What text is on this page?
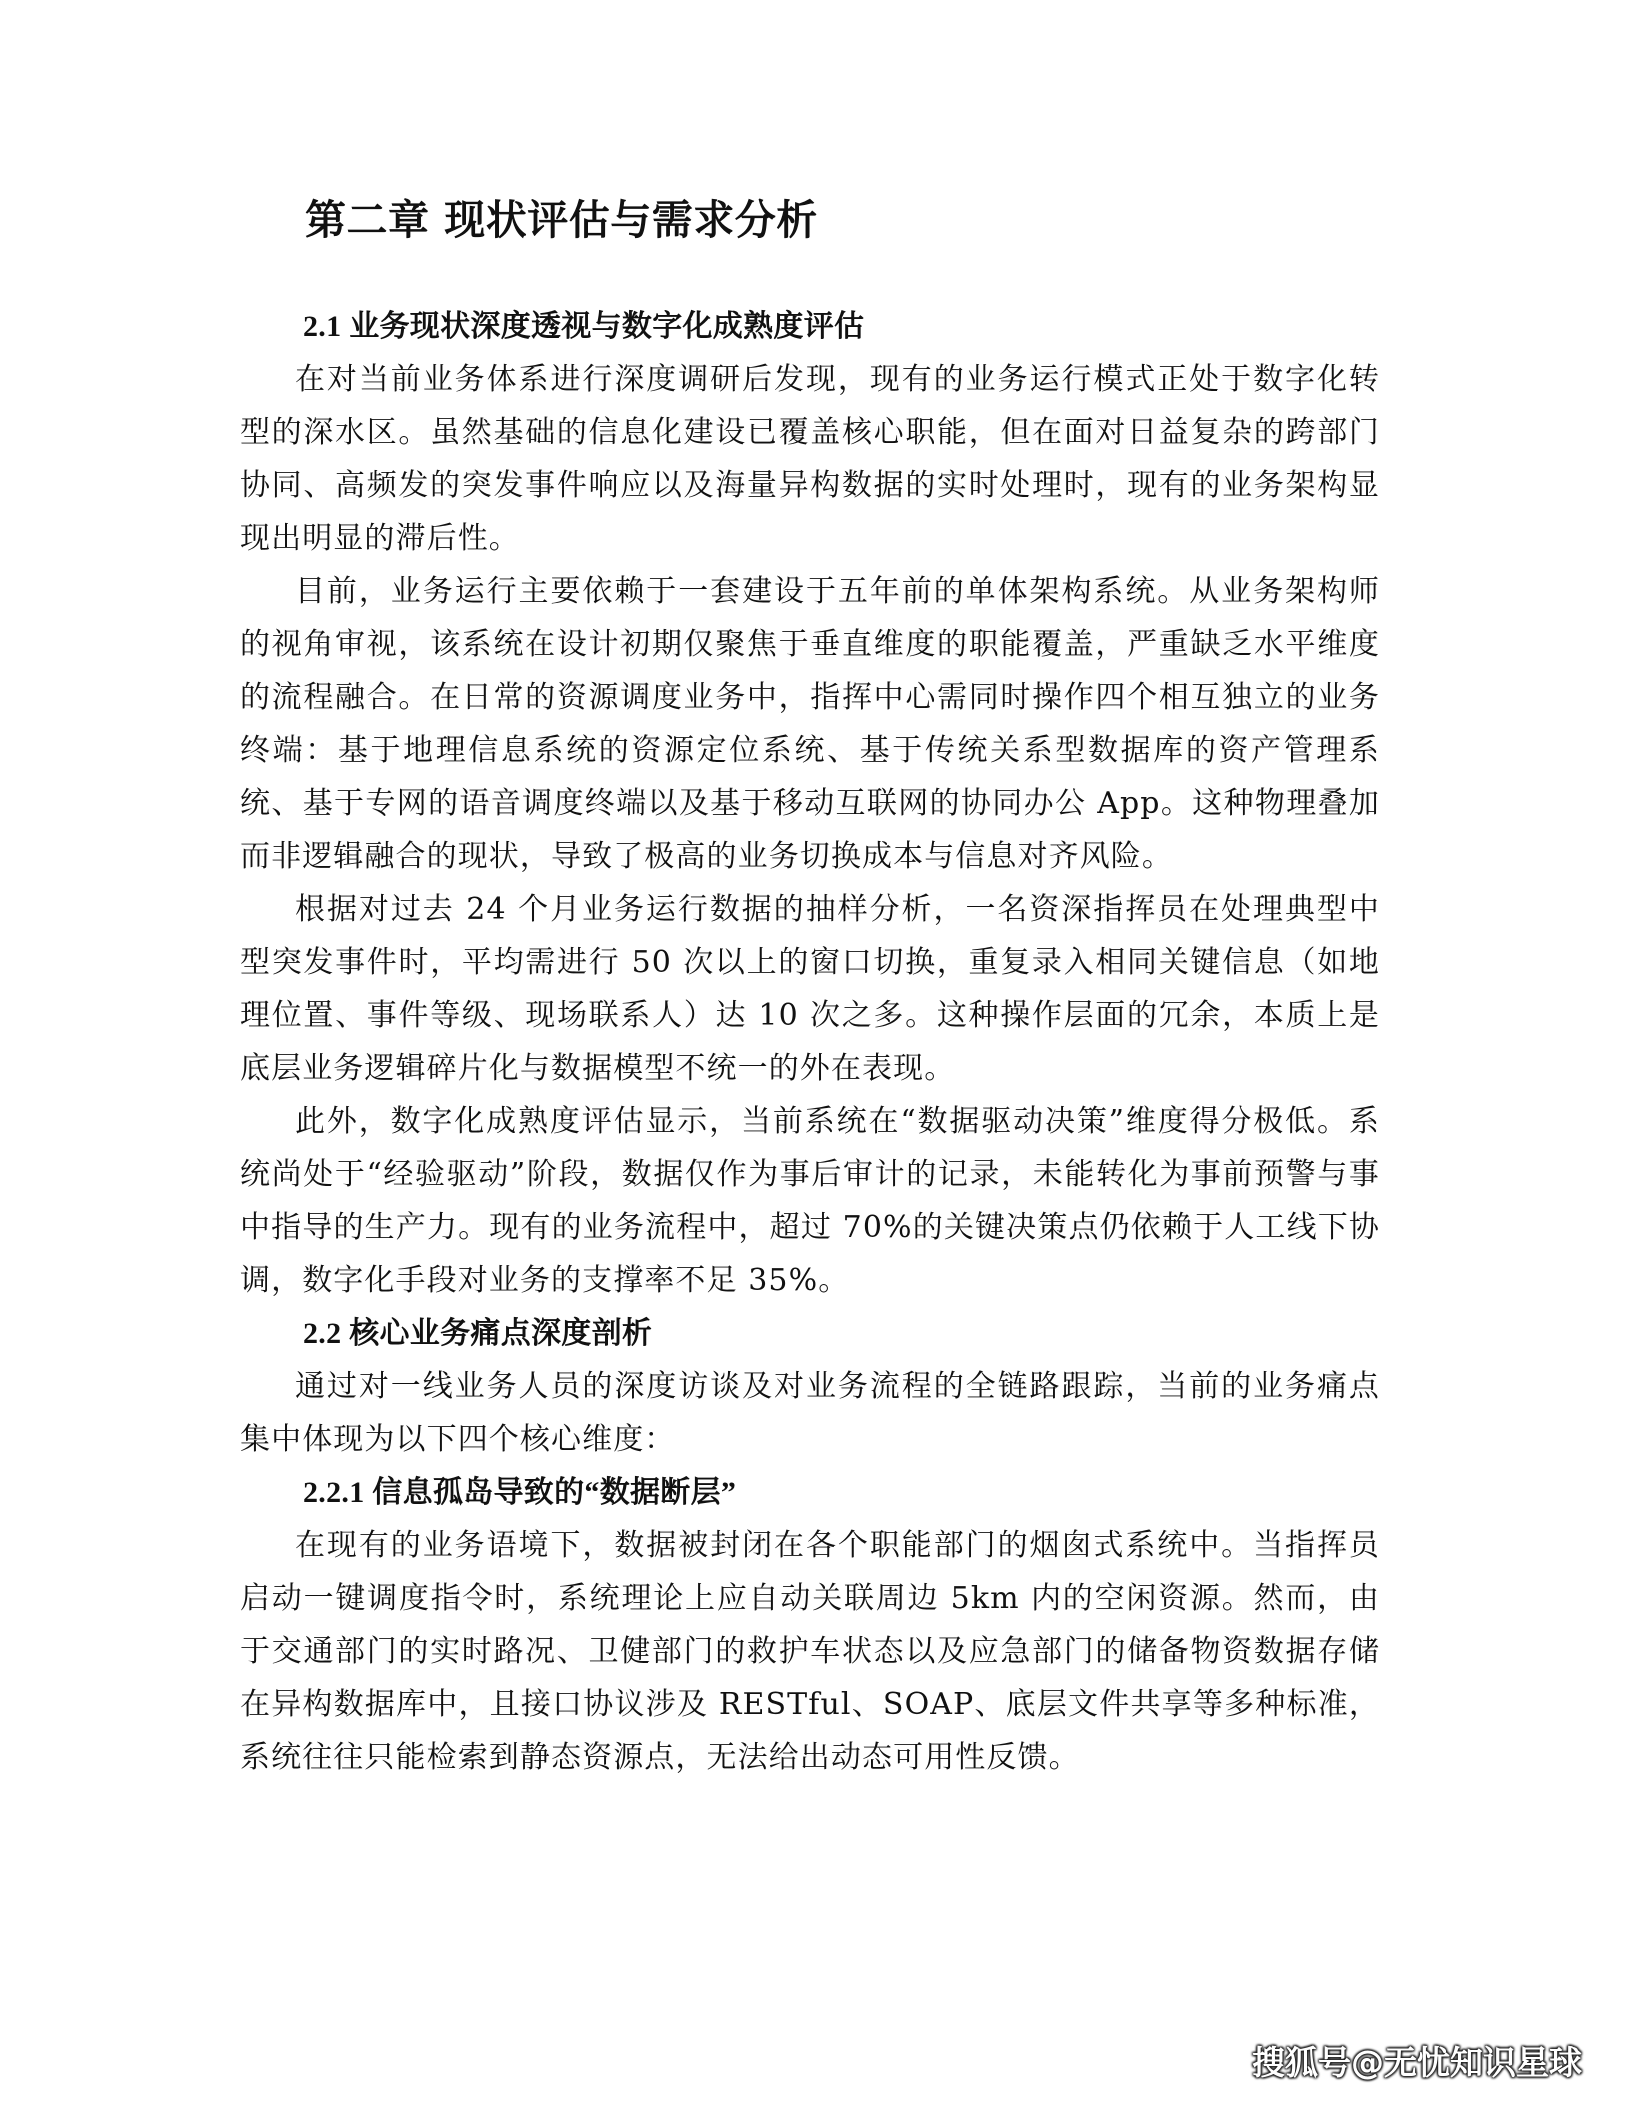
第二章 现状评估与需求分析
2.1 业务现状深度透视与数字化成熟度评估

在对当前业务体系进行深度调研后发现，现有的业务运行模式正处于数字化转型的深水区。虽然基础的信息化建设已覆盖核心职能，但在面对日益复杂的跨部门协同、高频发的突发事件响应以及海量异构数据的实时处理时，现有的业务架构显现出明显的滞后性。

目前，业务运行主要依赖于一套建设于五年前的单体架构系统。从业务架构师的视角审视，该系统在设计初期仅聚焦于垂直维度的职能覆盖，严重缺乏水平维度的流程融合。在日常的资源调度业务中，指挥中心需同时操作四个相互独立的业务终端：基于地理信息系统的资源定位系统、基于传统关系型数据库的资产管理系统、基于专网的语音调度终端以及基于移动互联网的协同办公 App。这种物理叠加而非逻辑融合的现状，导致了极高的业务切换成本与信息对齐风险。

根据对过去 24 个月业务运行数据的抽样分析，一名资深指挥员在处理典型中型突发事件时，平均需进行 50 次以上的窗口切换，重复录入相同关键信息（如地理位置、事件等级、现场联系人）达 10 次之多。这种操作层面的冗余，本质上是底层业务逻辑碎片化与数据模型不统一的外在表现。

此外，数字化成熟度评估显示，当前系统在“数据驱动决策”维度得分极低。系统尚处于“经验驱动”阶段，数据仅作为事后审计的记录，未能转化为事前预警与事中指导的生产力。现有的业务流程中，超过 70%的关键决策点仍依赖于人工线下协调，数字化手段对业务的支撑率不足 35%。

2.2 核心业务痛点深度剖析

通过对一线业务人员的深度访谈及对业务流程的全链路跟踪，当前的业务痛点集中体现为以下四个核心维度：

2.2.1 信息孤岛导致的“数据断层”

在现有的业务语境下，数据被封闭在各个职能部门的烟囱式系统中。当指挥员启动一键调度指令时，系统理论上应自动关联周边 5km 内的空闲资源。然而，由于交通部门的实时路况、卫健部门的救护车状态以及应急部门的储备物资数据存储在异构数据库中，且接口协议涉及 RESTful、SOAP、底层文件共享等多种标准，系统往往只能检索到静态资源点，无法给出动态可用性反馈。

搜狐号@无忧知识星球
